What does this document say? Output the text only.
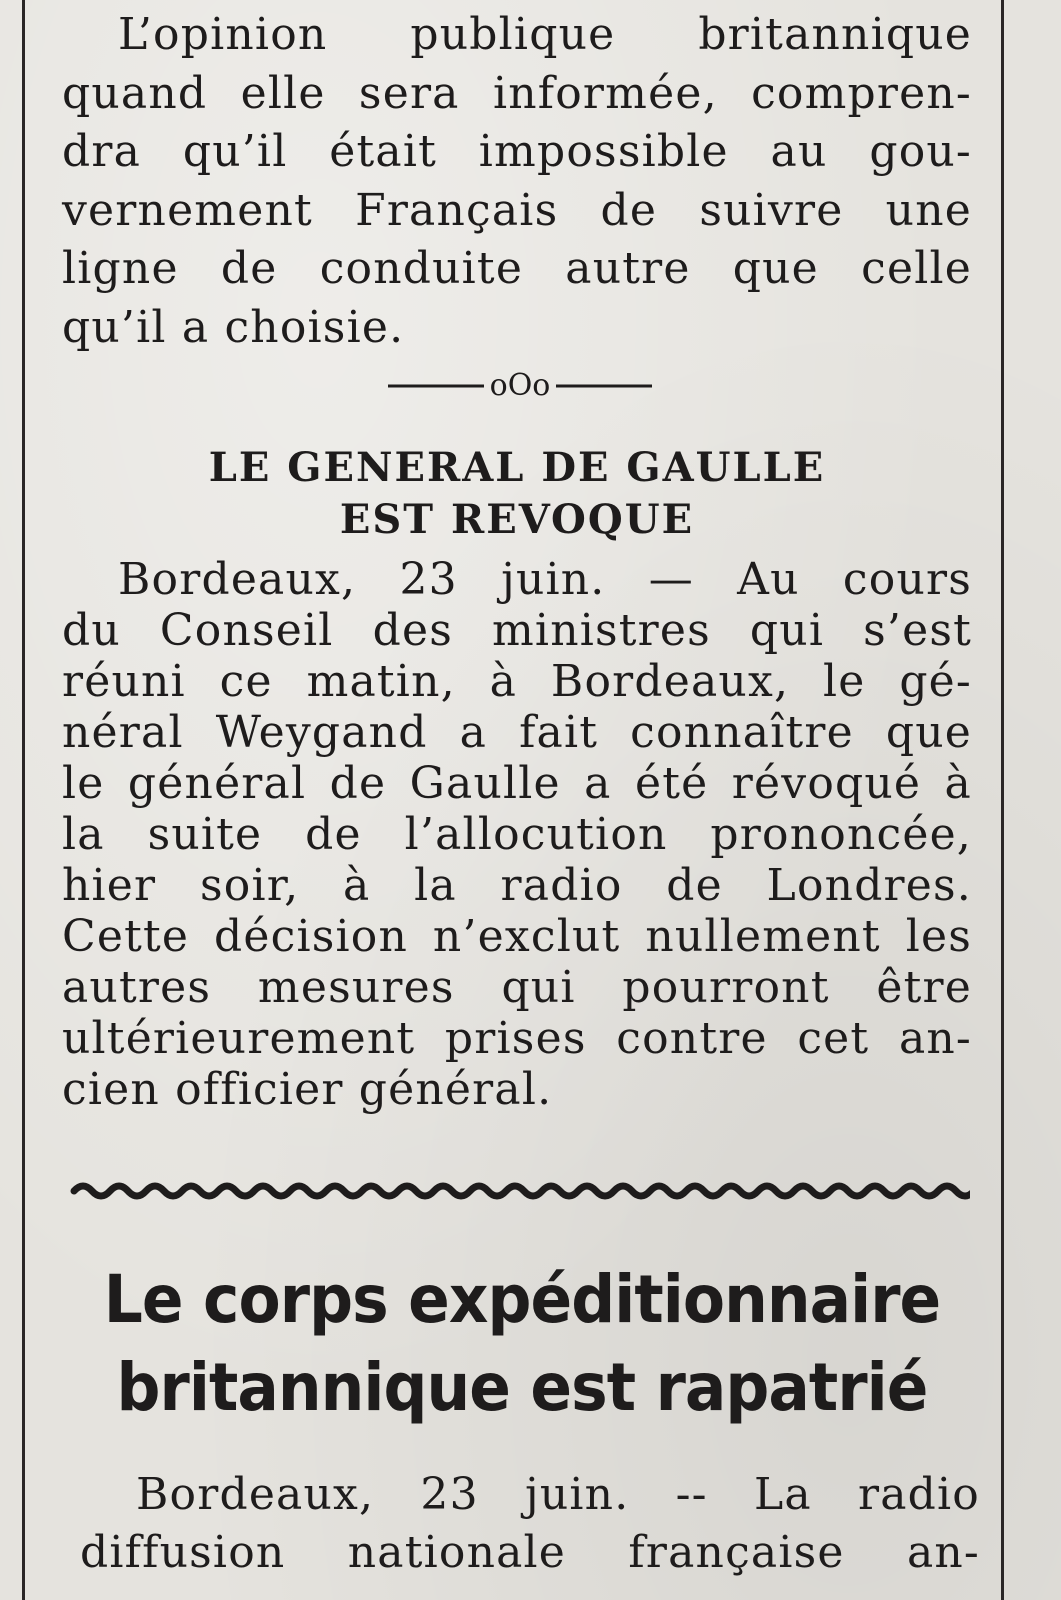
L’opinion publique britannique
quand elle sera informée, compren-
dra qu’il était impossible au gou-
vernement Français de suivre une
ligne de conduite autre que celle
qu’il a choisie.
oOo
LE GENERAL DE GAULLE
EST REVOQUE
Bordeaux, 23 juin. — Au cours
du Conseil des ministres qui s’est
réuni ce matin, à Bordeaux, le gé-
néral Weygand a fait connaître que
le général de Gaulle a été révoqué à
la suite de l’allocution prononcée,
hier soir, à la radio de Londres.
Cette décision n’exclut nullement les
autres mesures qui pourront être
ultérieurement prises contre cet an-
cien officier général.
Le corps expéditionnaire
britannique est rapatrié
Bordeaux, 23 juin. -- La radio
diffusion nationale française an-
